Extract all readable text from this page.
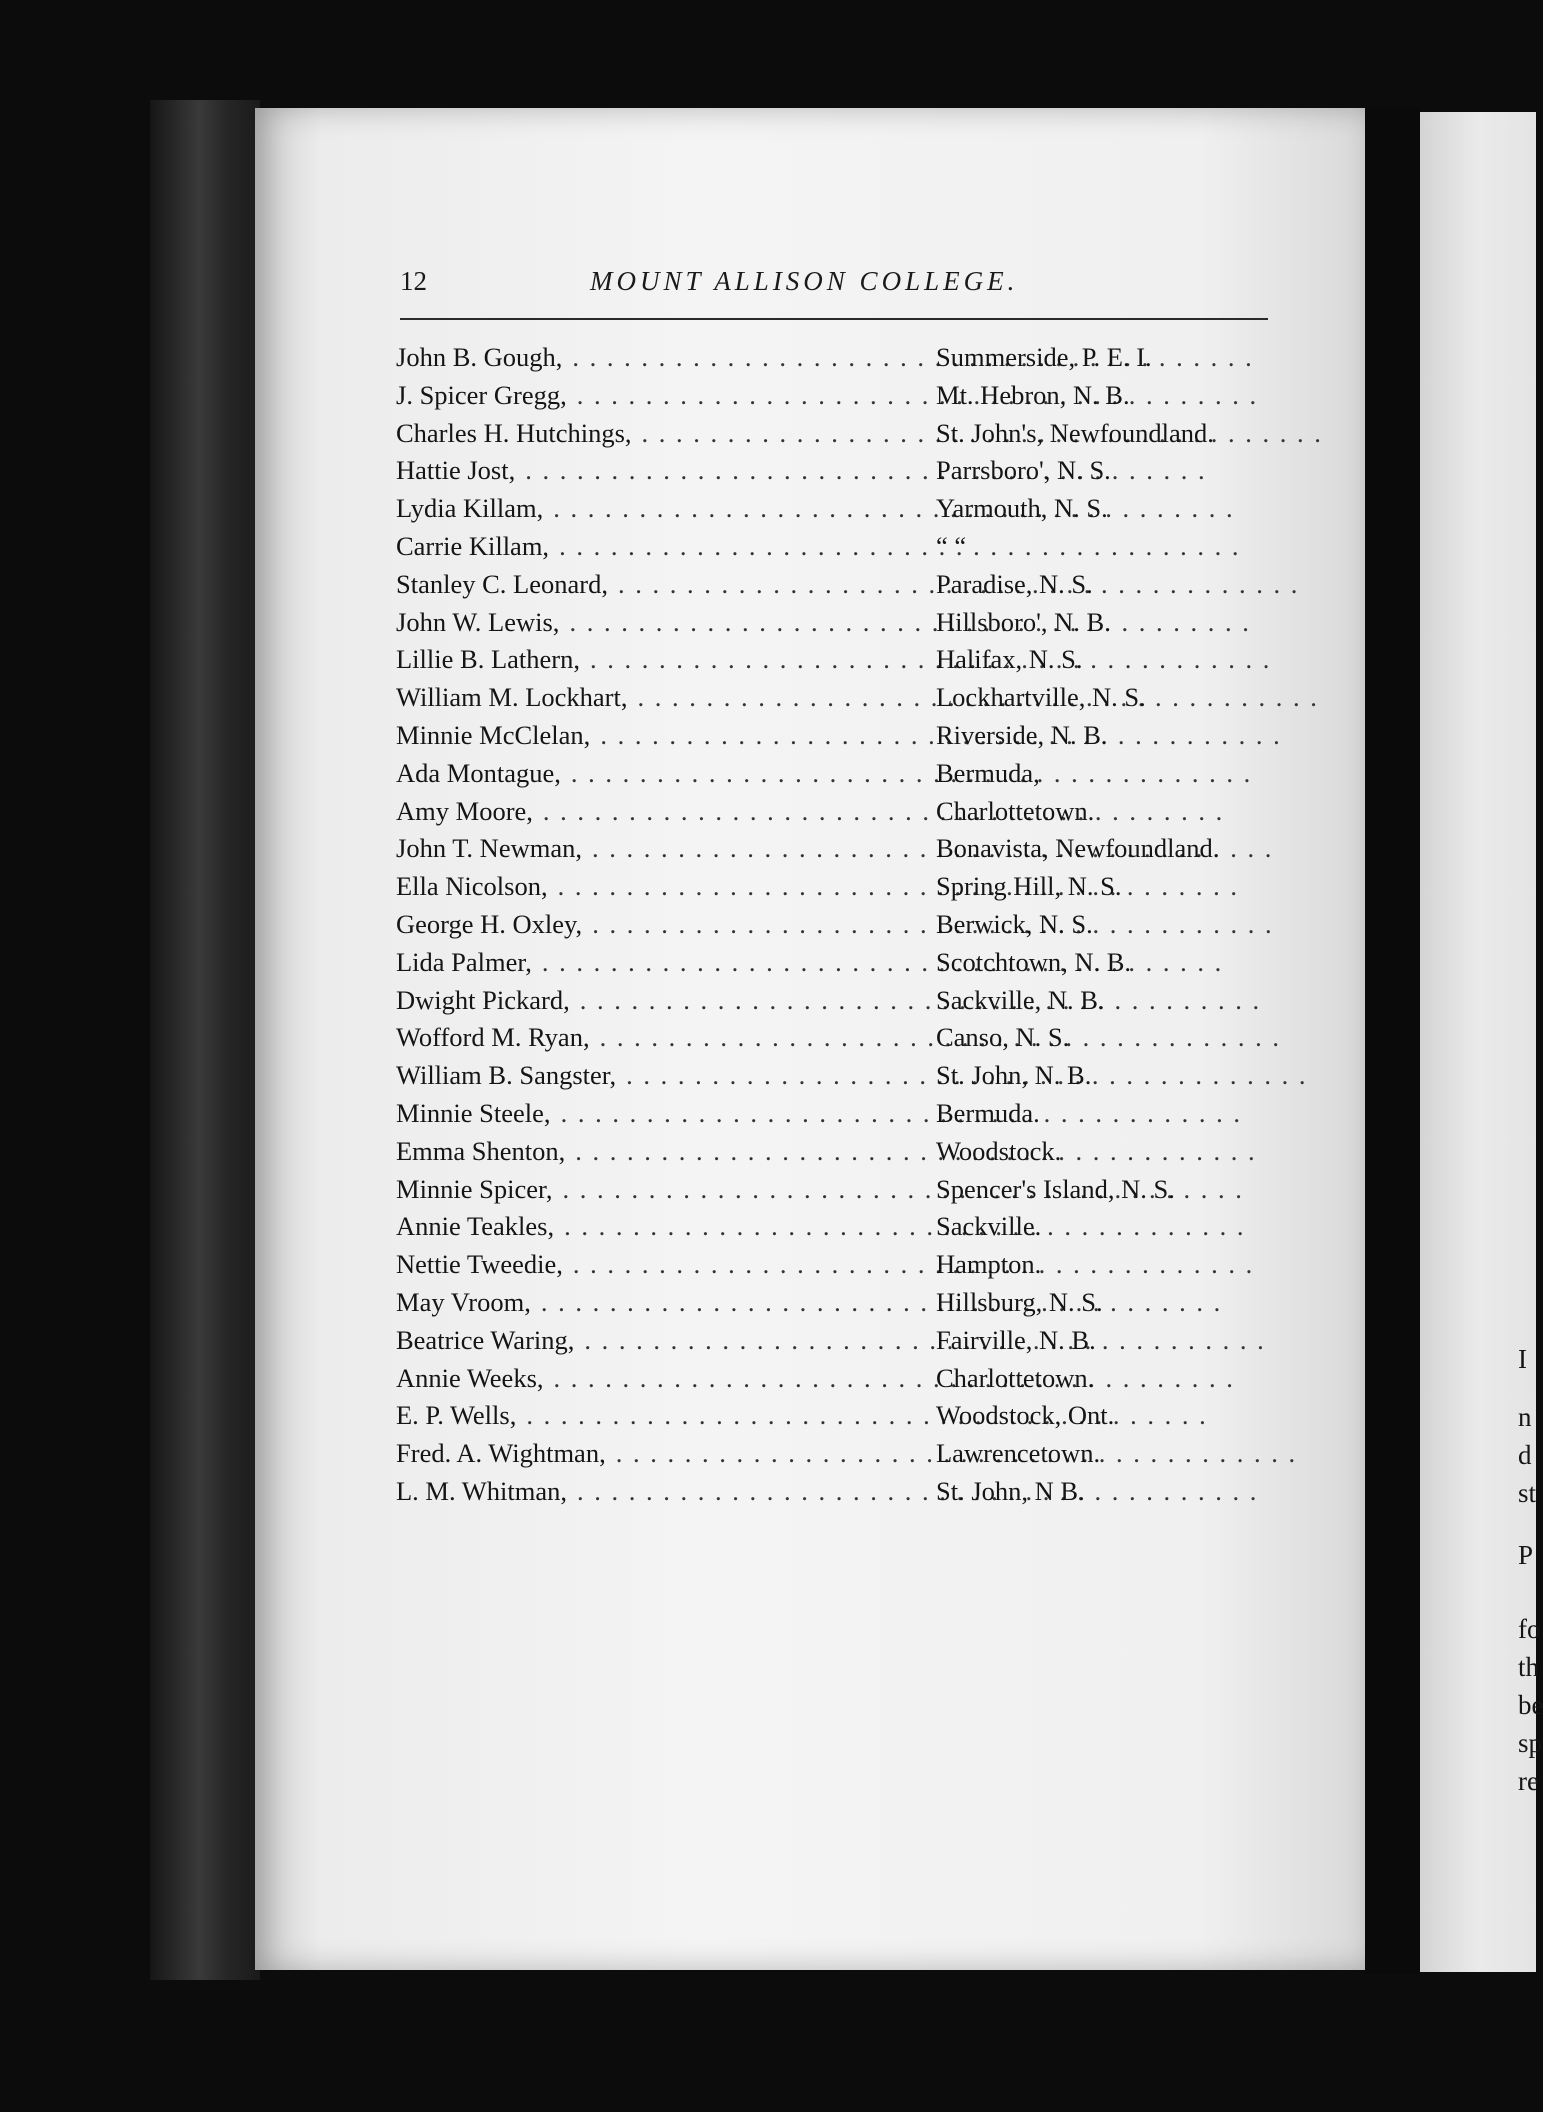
12	MOUNT ALLISON COLLEGE.
John B. Gough, . . .	Summerside, P. E. I.
J. Spicer Gregg, . . .	Mt. Hebron, N. B.
Charles H. Hutchings, . . .	St. John's, Newfoundland.
Hattie Jost, . . .	Parrsboro', N. S.
Lydia Killam, . . .	Yarmouth, N. S.
Carrie Killam, . . .	“ “
Stanley C. Leonard, . . .	Paradise, N. S.
John W. Lewis, . . .	Hillsboro', N. B.
Lillie B. Lathern, . . .	Halifax, N. S.
William M. Lockhart, . . .	Lockhartville, N. S.
Minnie McClelan, . . .	Riverside, N. B.
Ada Montague, . . .	Bermuda,
Amy Moore, . . .	Charlottetown.
John T. Newman, . . .	Bonavista, Newfoundland.
Ella Nicolson, . . .	Spring Hill, N. S.
George H. Oxley, . . .	Berwick, N. S.
Lida Palmer, . . .	Scotchtown, N. B.
Dwight Pickard, . . .	Sackville, N. B.
Wofford M. Ryan, . . .	Canso, N. S.
William B. Sangster, . . .	St. John, N. B.
Minnie Steele, . . .	Bermuda.
Emma Shenton, . . .	Woodstock.
Minnie Spicer, . . .	Spencer's Island, N. S.
Annie Teakles, . . .	Sackville.
Nettie Tweedie, . . .	Hampton.
May Vroom, . . .	Hillsburg, N. S.
Beatrice Waring, . . .	Fairville, N. B.
Annie Weeks, . . .	Charlottetown.
E. P. Wells, . . .	Woodstock, Ont.
Fred. A. Wightman, . . .	Lawrencetown.
L. M. Whitman, . . .	St. John, N B.
I
n
d
st
P
fo
th
be
sp
re
